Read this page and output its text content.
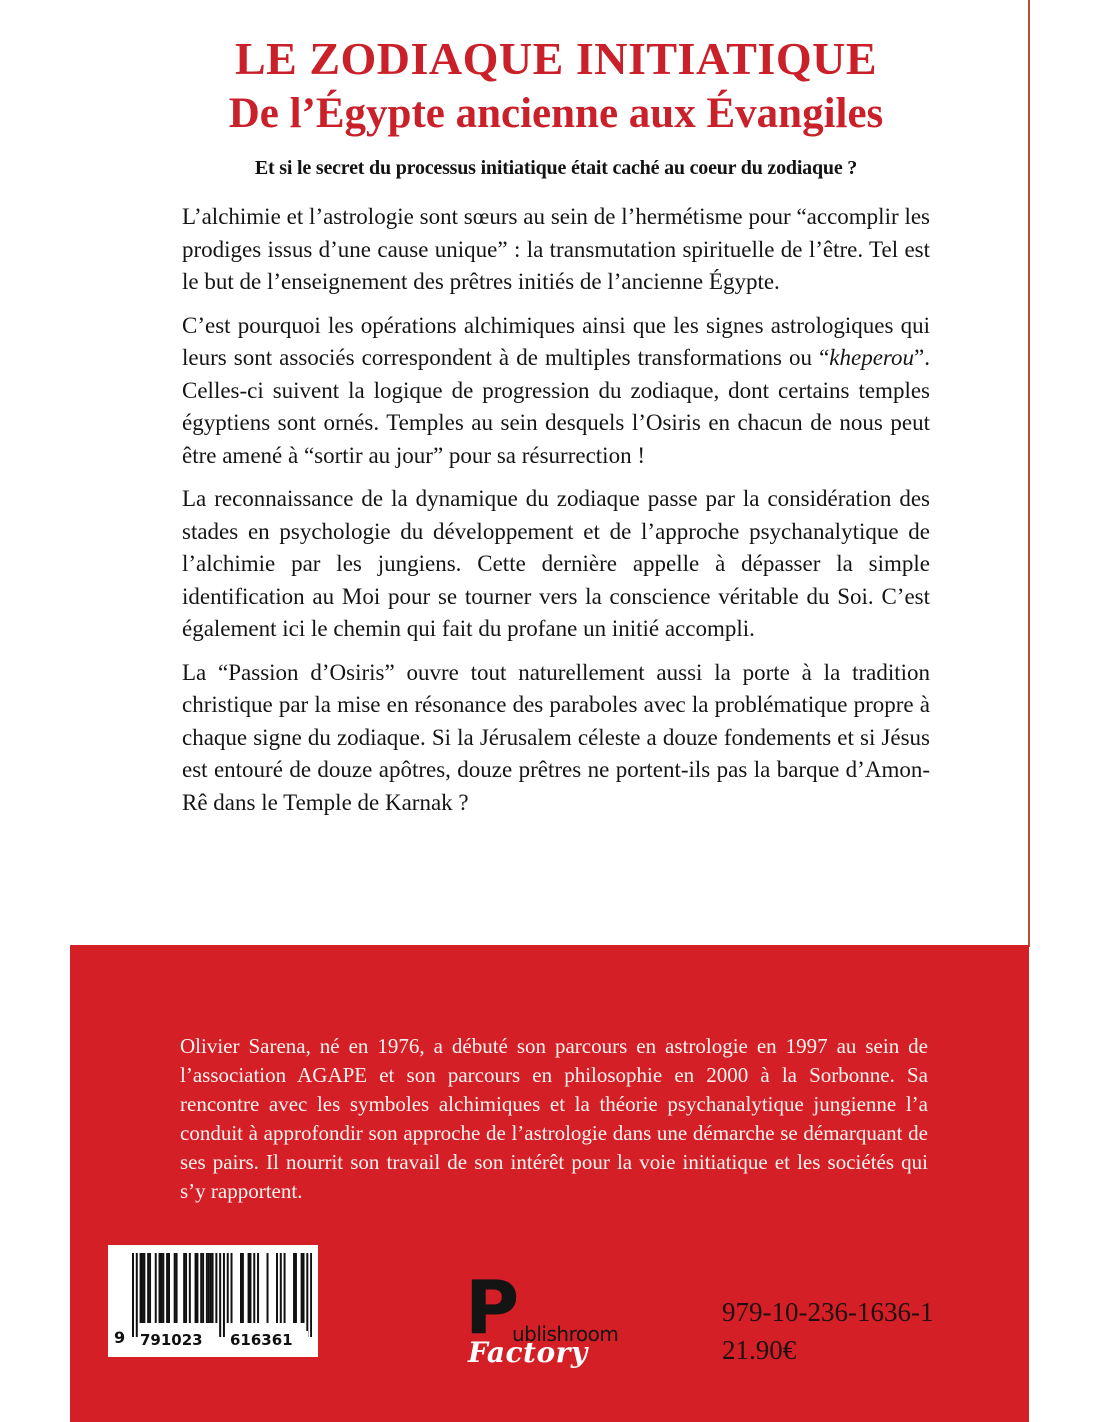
LE ZODIAQUE INITIATIQUE
De l’Égypte ancienne aux Évangiles
Et si le secret du processus initiatique était caché au coeur du zodiaque ?

L’alchimie et l’astrologie sont sœurs au sein de l’hermétisme pour “accomplir les prodiges issus d’une cause unique” : la transmutation spirituelle de l’être. Tel est le but de l’enseignement des prêtres initiés de l’ancienne Égypte.

C’est pourquoi les opérations alchimiques ainsi que les signes astrologiques qui leurs sont associés correspondent à de multiples transformations ou “kheperou”. Celles-ci suivent la logique de progression du zodiaque, dont certains temples égyptiens sont ornés. Temples au sein desquels l’Osiris en chacun de nous peut être amené à “sortir au jour” pour sa résurrection !

La reconnaissance de la dynamique du zodiaque passe par la considération des stades en psychologie du développement et de l’approche psychanalytique de l’alchimie par les jungiens. Cette dernière appelle à dépasser la simple identification au Moi pour se tourner vers la conscience véritable du Soi. C’est également ici le chemin qui fait du profane un initié accompli.

La “Passion d’Osiris” ouvre tout naturellement aussi la porte à la tradition christique par la mise en résonance des paraboles avec la problématique propre à chaque signe du zodiaque. Si la Jérusalem céleste a douze fondements et si Jésus est entouré de douze apôtres, douze prêtres ne portent-ils pas la barque d’Amon-Rê dans le Temple de Karnak ?

Olivier Sarena, né en 1976, a débuté son parcours en astrologie en 1997 au sein de l’association AGAPE et son parcours en philosophie en 2000 à la Sorbonne. Sa rencontre avec les symboles alchimiques et la théorie psychanalytique jungienne l’a conduit à approfondir son approche de l’astrologie dans une démarche se démarquant de ses pairs. Il nourrit son travail de son intérêt pour la voie initiatique et les sociétés qui s’y rapportent.

9 791023	616361 P
ublishroom
Factory
979-10-236-1636-1
21.90€
